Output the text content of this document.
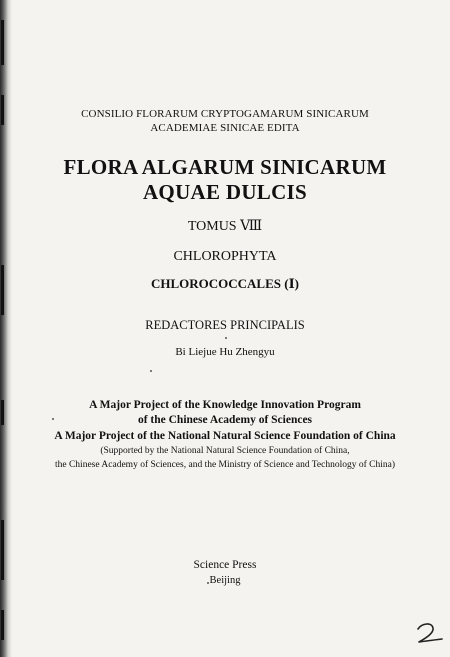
CONSILIO FLORARUM CRYPTOGAMARUM SINICARUM
ACADEMIAE SINICAE EDITA
FLORA ALGARUM SINICARUM
AQUAE DULCIS
TOMUS Ⅷ
CHLOROPHYTA
CHLOROCOCCALES (Ⅰ)
REDACTORES PRINCIPALIS
Bi Liejue Hu Zhengyu
A Major Project of the Knowledge Innovation Program
of the Chinese Academy of Sciences
A Major Project of the National Natural Science Foundation of China
(Supported by the National Natural Science Foundation of China,
the Chinese Academy of Sciences, and the Ministry of Science and Technology of China)
Science Press
Beijing
